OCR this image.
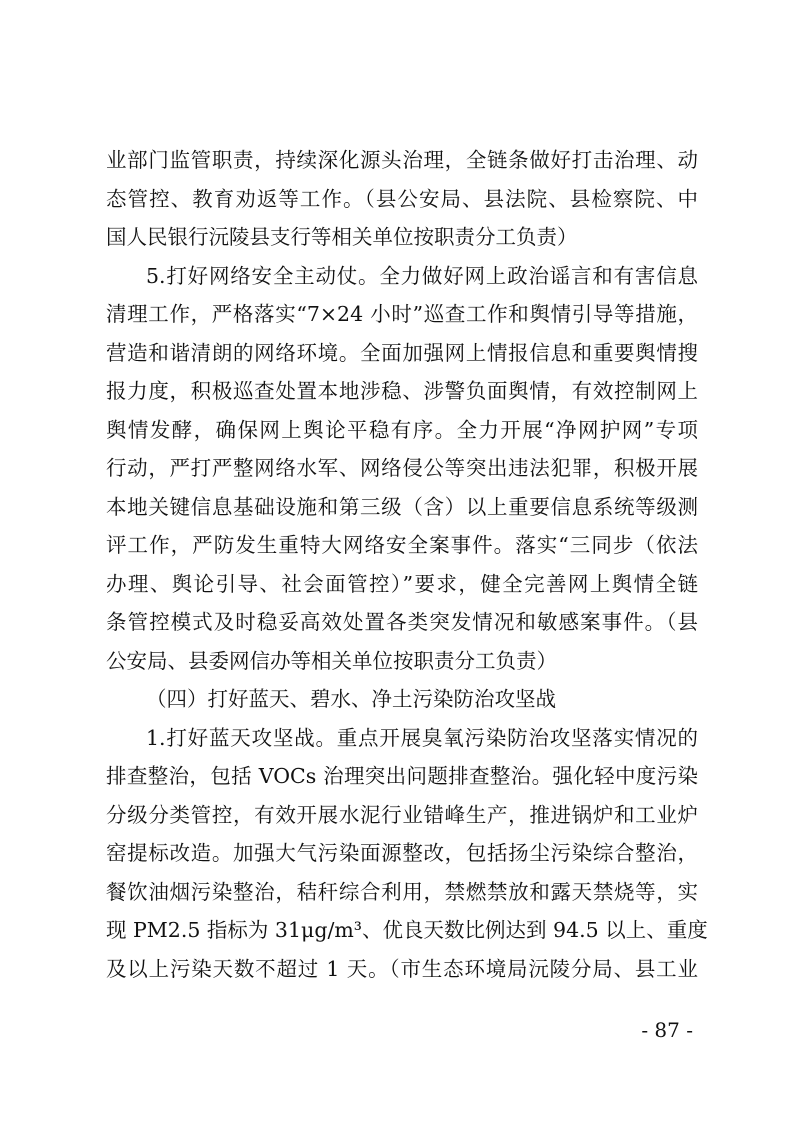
业部门监管职责，持续深化源头治理，全链条做好打击治理、动
态管控、教育劝返等工作。（县公安局、县法院、县检察院、中
国人民银行沅陵县支行等相关单位按职责分工负责）
5.打好网络安全主动仗。全力做好网上政治谣言和有害信息
清理工作，严格落实“7×24 小时”巡查工作和舆情引导等措施，
营造和谐清朗的网络环境。全面加强网上情报信息和重要舆情搜
报力度，积极巡查处置本地涉稳、涉警负面舆情，有效控制网上
舆情发酵，确保网上舆论平稳有序。全力开展“净网护网”专项
行动，严打严整网络水军、网络侵公等突出违法犯罪，积极开展
本地关键信息基础设施和第三级（含）以上重要信息系统等级测
评工作，严防发生重特大网络安全案事件。落实“三同步（依法
办理、舆论引导、社会面管控）”要求，健全完善网上舆情全链
条管控模式及时稳妥高效处置各类突发情况和敏感案事件。（县
公安局、县委网信办等相关单位按职责分工负责）
（四）打好蓝天、碧水、净土污染防治攻坚战
1.打好蓝天攻坚战。重点开展臭氧污染防治攻坚落实情况的
排查整治，包括 VOCs 治理突出问题排查整治。强化轻中度污染
分级分类管控，有效开展水泥行业错峰生产，推进锅炉和工业炉
窑提标改造。加强大气污染面源整改，包括扬尘污染综合整治，
餐饮油烟污染整治，秸秆综合利用，禁燃禁放和露天禁烧等，实
现 PM2.5 指标为 31μg/m³、优良天数比例达到 94.5 以上、重度
及以上污染天数不超过 1 天。（市生态环境局沅陵分局、县工业
- 87 -
